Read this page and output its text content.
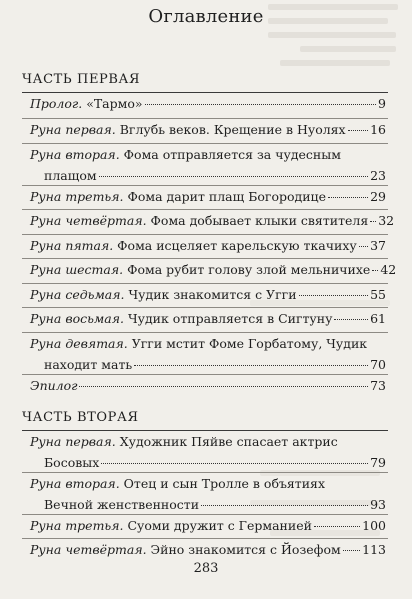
Оглавление
ЧАСТЬ ПЕРВАЯ
Пролог. «Тармо»	9
Руна первая. Вглубь веков. Крещение в Нуолях 16
Руна вторая. Фома отправляется за чудесным
плащом	23
Руна третья. Фома дарит плащ Богородице	29
Руна четвёртая. Фома добывает клыки святителя 32
Руна пятая. Фома исцеляет карельскую ткачиху 37
Руна шестая. Фома рубит голову злой мельничихе 42
Руна седьмая. Чудик знакомится с Угги	55
Руна восьмая. Чудик отправляется в Сигтуну	61
Руна девятая. Угги мстит Фоме Горбатому, Чудик
находит мать	70
Эпилог	73
ЧАСТЬ ВТОРАЯ
Руна первая. Художник Пяйве спасает актрис
Босовых	79
Руна вторая. Отец и сын Тролле в объятиях
Вечной женственности	93
Руна третья. Суоми дружит с Германией	100
Руна четвёртая. Эйно знакомится с Йозефом 113
283
